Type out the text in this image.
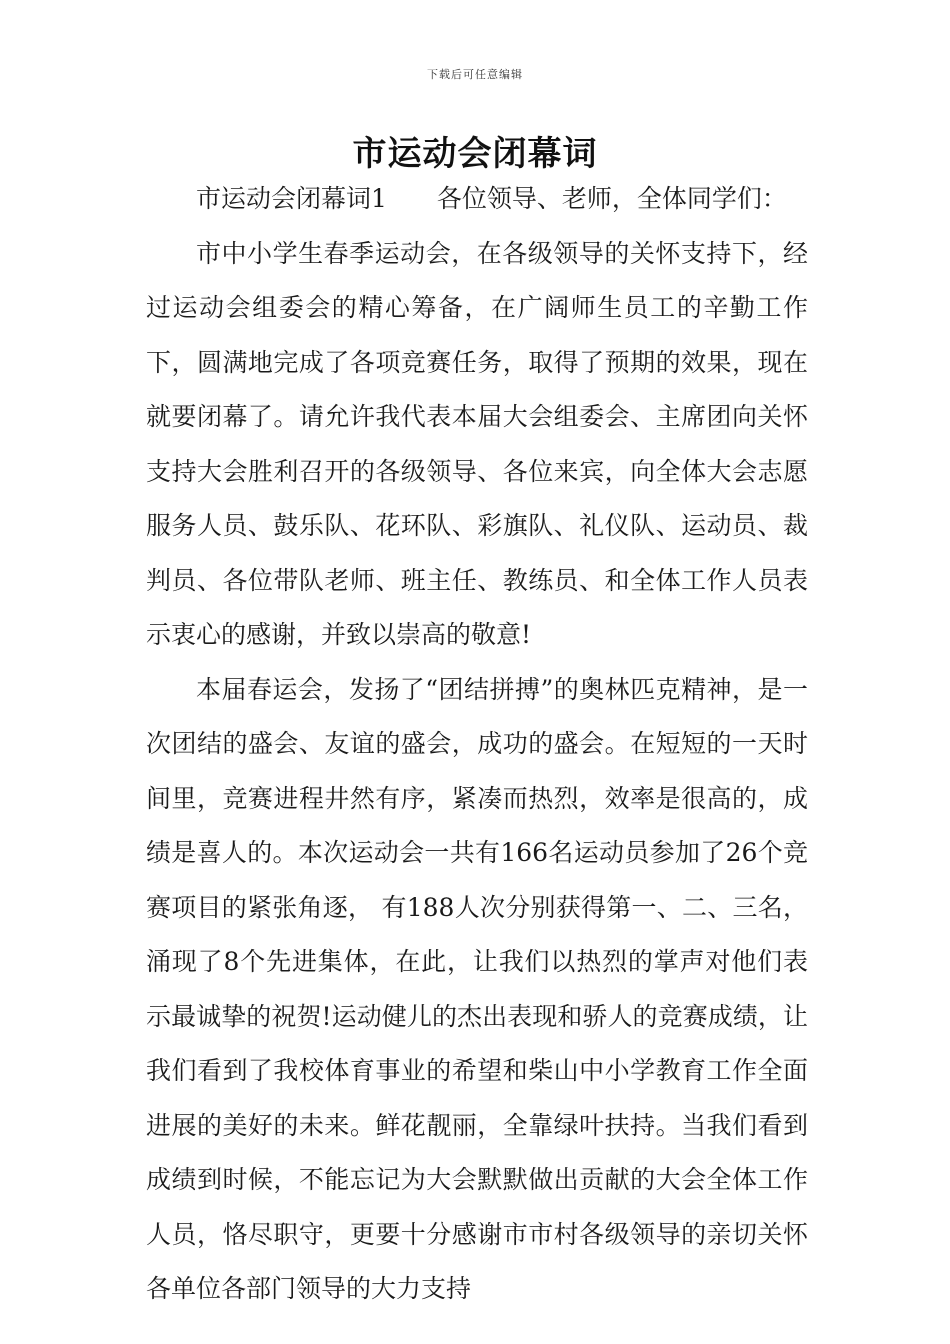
下载后可任意编辑
市运动会闭幕词

市运动会闭幕词1 各位领导、老师，全体同学们：

市中小学生春季运动会，在各级领导的关怀支持下，经过运动会组委会的精心筹备，在广阔师生员工的辛勤工作下，圆满地完成了各项竞赛任务，取得了预期的效果，现在就要闭幕了。请允许我代表本届大会组委会、主席团向关怀支持大会胜利召开的各级领导、各位来宾，向全体大会志愿服务人员、鼓乐队、花环队、彩旗队、礼仪队、运动员、裁判员、各位带队老师、班主任、教练员、和全体工作人员表示衷心的感谢，并致以崇高的敬意!

本届春运会，发扬了“团结拼搏”的奥林匹克精神，是一次团结的盛会、友谊的盛会，成功的盛会。在短短的一天时间里，竞赛进程井然有序，紧凑而热烈，效率是很高的，成绩是喜人的。本次运动会一共有166名运动员参加了26个竞赛项目的紧张角逐， 有188人次分别获得第一、二、三名，涌现了8个先进集体，在此，让我们以热烈的掌声对他们表示最诚挚的祝贺!运动健儿的杰出表现和骄人的竞赛成绩，让我们看到了我校体育事业的希望和柴山中小学教育工作全面进展的美好的未来。鲜花靓丽，全靠绿叶扶持。当我们看到成绩到时候，不能忘记为大会默默做出贡献的大会全体工作人员，恪尽职守，更要十分感谢市市村各级领导的亲切关怀各单位各部门领导的大力支持
